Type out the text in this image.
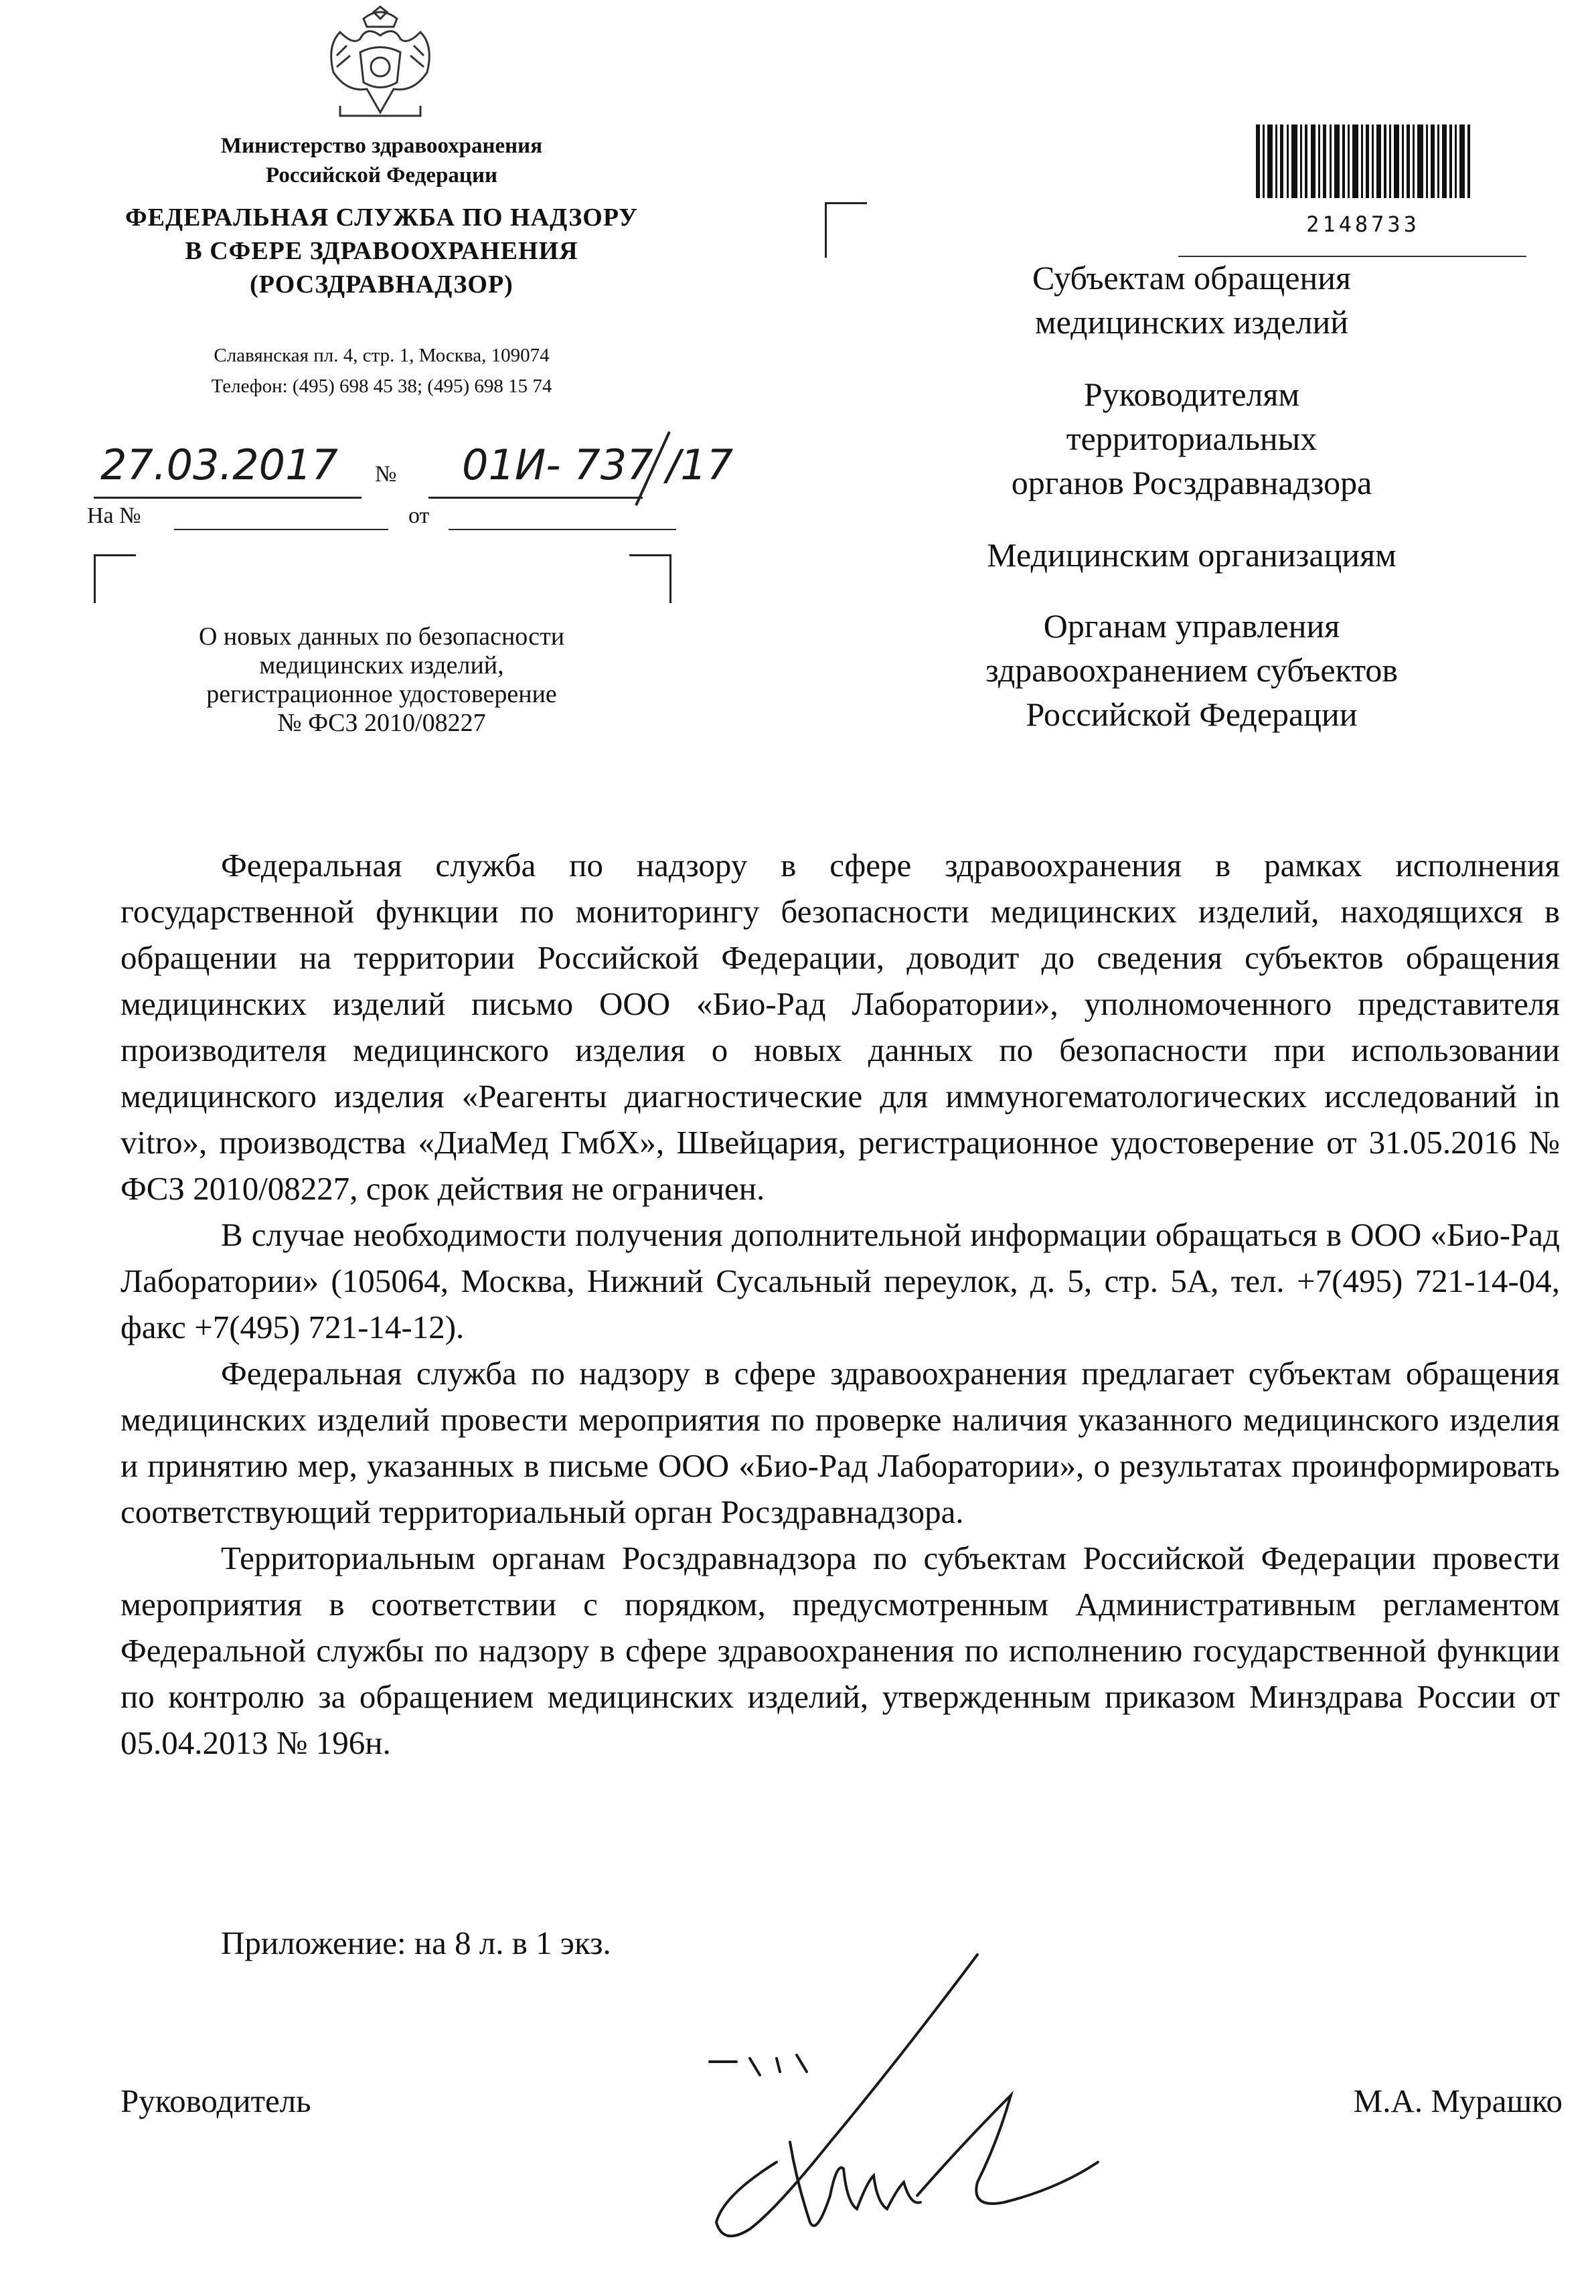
Министерство здравоохранения
Российской Федерации
ФЕДЕРАЛЬНАЯ СЛУЖБА ПО НАДЗОРУ
В СФЕРЕ ЗДРАВООХРАНЕНИЯ
(РОСЗДРАВНАДЗОР)
Славянская пл. 4, стр. 1, Москва, 109074
Телефон: (495) 698 45 38; (495) 698 15 74
27.03.2017 № 01И- 737 /17
На №	от
О новых данных по безопасности
медицинских изделий,
регистрационное удостоверение
№ ФСЗ 2010/08227
2148733
Субъектам обращения
медицинских изделий
Руководителям
территориальных
органов Росздравнадзора
Медицинским организациям
Органам управления
здравоохранением субъектов
Российской Федерации

Федеральная служба по надзору в сфере здравоохранения в рамках исполнения государственной функции по мониторингу безопасности медицинских изделий, находящихся в обращении на территории Российской Федерации, доводит до сведения субъектов обращения медицинских изделий письмо ООО «Био-Рад Лаборатории», уполномоченного представителя производителя медицинского изделия о новых данных по безопасности при использовании медицинского изделия «Реагенты диагностические для иммуногематологических исследований in vitro», производства «ДиаМед ГмбХ», Швейцария, регистрационное удостоверение от 31.05.2016 № ФСЗ 2010/08227, срок действия не ограничен.

В случае необходимости получения дополнительной информации обращаться в ООО «Био-Рад Лаборатории» (105064, Москва, Нижний Сусальный переулок, д. 5, стр. 5А, тел. +7(495) 721-14-04, факс +7(495) 721-14-12).

Федеральная служба по надзору в сфере здравоохранения предлагает субъектам обращения медицинских изделий провести мероприятия по проверке наличия указанного медицинского изделия и принятию мер, указанных в письме ООО «Био-Рад Лаборатории», о результатах проинформировать соответствующий территориальный орган Росздравнадзора.

Территориальным органам Росздравнадзора по субъектам Российской Федерации провести мероприятия в соответствии с порядком, предусмотренным Административным регламентом Федеральной службы по надзору в сфере здравоохранения по исполнению государственной функции по контролю за обращением медицинских изделий, утвержденным приказом Минздрава России от 05.04.2013 № 196н.

Приложение: на 8 л. в 1 экз.
Руководитель	М.А. Мурашко
